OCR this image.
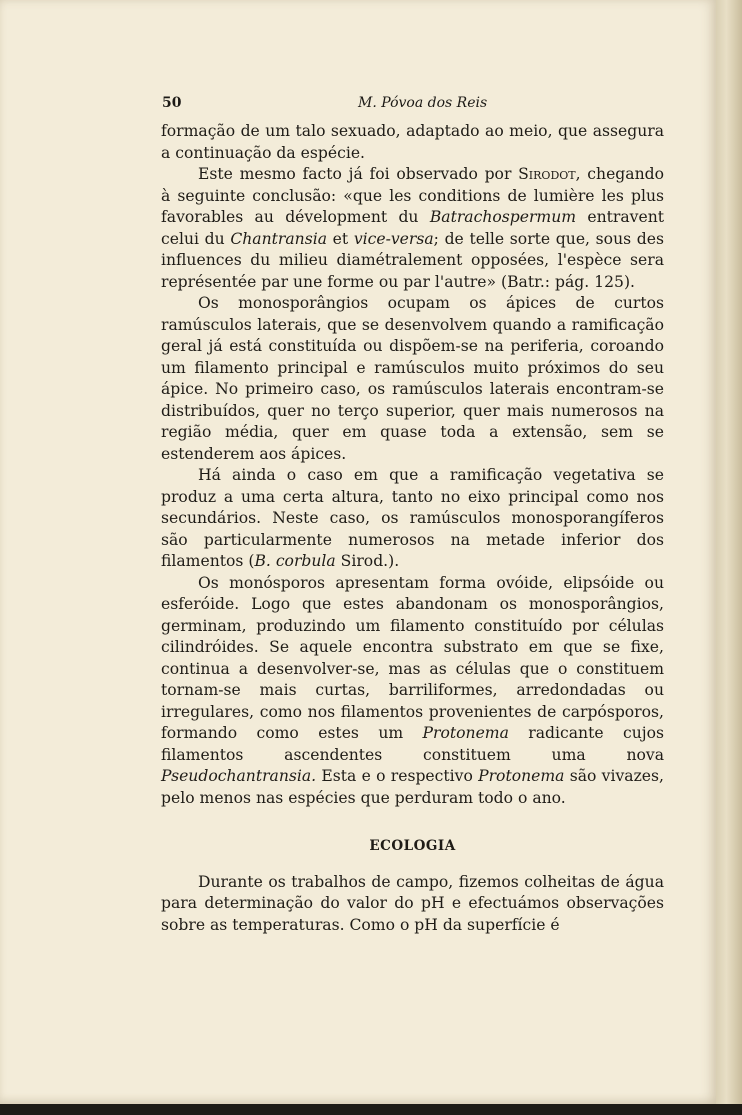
50	M. Póvoa dos Reis

formação de um talo sexuado, adaptado ao meio, que assegura a continuação da espécie.

Este mesmo facto já foi observado por Sirodot, chegando à seguinte conclusão: «que les conditions de lumière les plus favorables au dévelopment du Batrachospermum entravent celui du Chantransia et vice-versa; de telle sorte que, sous des influences du milieu diamétralement opposées, l'espèce sera représentée par une forme ou par l'autre» (Batr.: pág. 125).

Os monosporângios ocupam os ápices de curtos ramúsculos laterais, que se desenvolvem quando a ramificação geral já está constituída ou dispõem-se na periferia, coroando um filamento principal e ramúsculos muito próximos do seu ápice. No primeiro caso, os ramúsculos laterais encontram-se distribuídos, quer no terço superior, quer mais numerosos na região média, quer em quase toda a extensão, sem se estenderem aos ápices.

Há ainda o caso em que a ramificação vegetativa se produz a uma certa altura, tanto no eixo principal como nos secundários. Neste caso, os ramúsculos monosporangíferos são particularmente numerosos na metade inferior dos filamentos (B. corbula Sirod.).

Os monósporos apresentam forma ovóide, elipsóide ou esferóide. Logo que estes abandonam os monosporângios, germinam, produzindo um filamento constituído por células cilindróides. Se aquele encontra substrato em que se fixe, continua a desenvolver-se, mas as células que o constituem tornam-se mais curtas, barriliformes, arredondadas ou irregulares, como nos filamentos provenientes de carpósporos, formando como estes um Protonema radicante cujos filamentos ascendentes constituem uma nova Pseudochantransia. Esta e o respectivo Protonema são vivazes, pelo menos nas espécies que perduram todo o ano.

ECOLOGIA

Durante os trabalhos de campo, fizemos colheitas de água para determinação do valor do pH e efectuámos observações sobre as temperaturas. Como o pH da superfície é
